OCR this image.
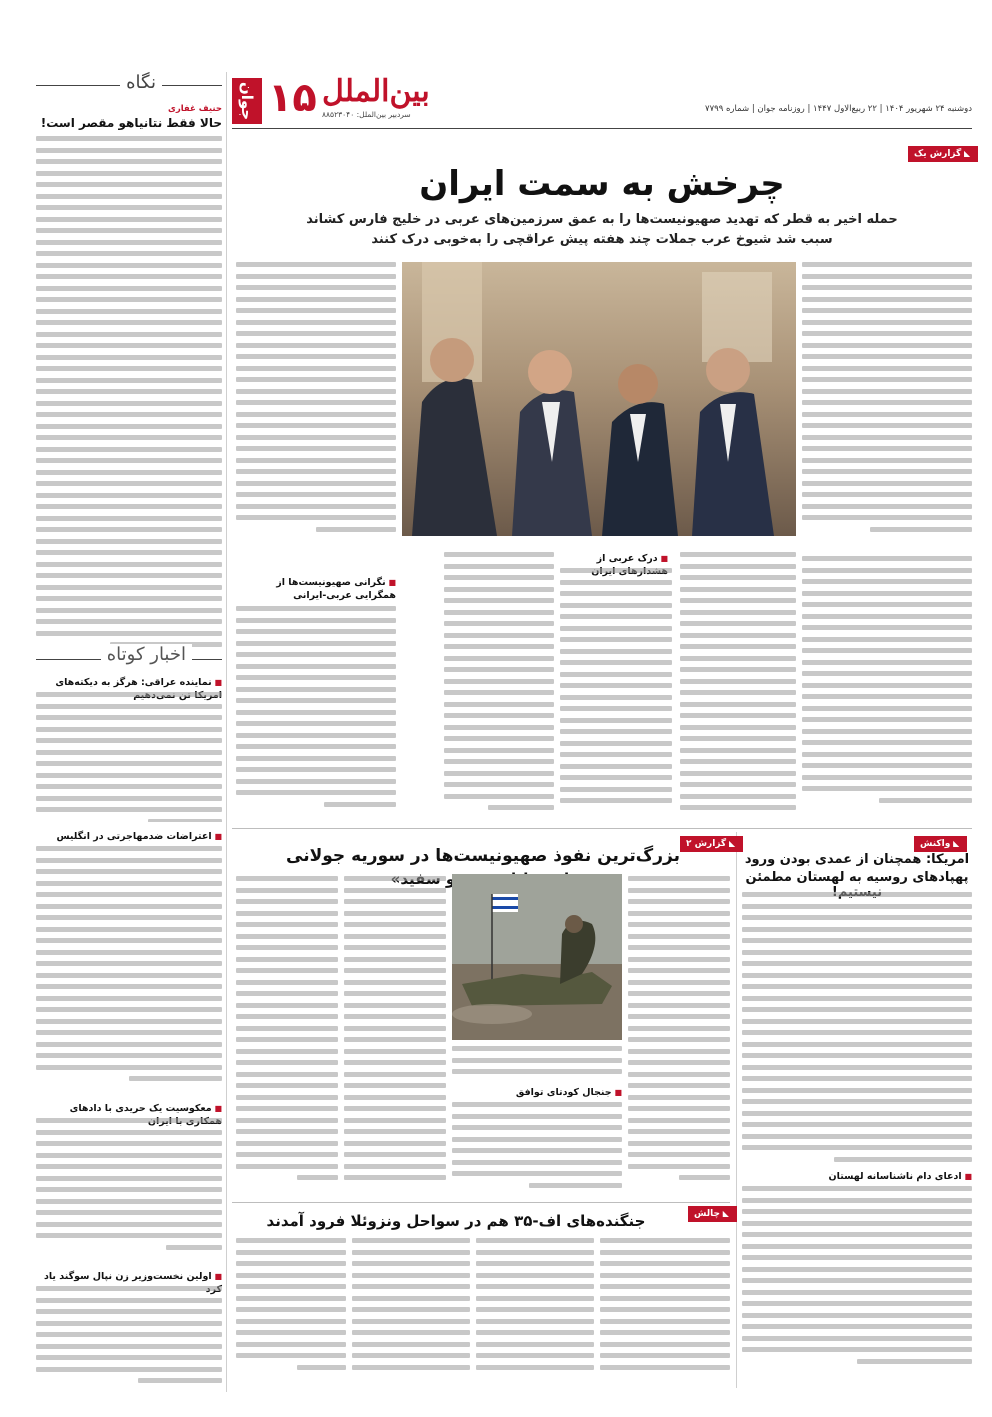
دوشنبه ۲۴ شهریور ۱۴۰۴ | ۲۲ ربیع‌الاول ۱۴۴۷ | روزنامه جوان | شماره ۷۷۹۹
بین‌الملل
سردبیر بین‌الملل: ۸۸۵۲۳۰۴۰
۱۵
جوان
نگاه
حنیف غفاری
حالا فقط نتانیاهو مقصر است!
اخبار کوتاه
■ نماینده عراقی: هرگز به دیکته‌های
■ اعتراضات ضدمهاجرتی در انگلیس
■ معکوسیت یک حریدی با دادهای
■ اولین نخست‌وزیر زن نپال سوگند یاد
◣ گزارش یک
چرخش به سمت ایران
حمله اخیر به قطر که تهدید صهیونیست‌ها را به عمق سرزمین‌های عربی در خلیج فارس کشاند
سبب شد شیوخ عرب جملات چند هفته پیش عراقچی را به‌خوبی درک کنند
■ درک عربی از
■ نگرانی صهیونیست‌ها از همگرایی عربی-ایرانی
◣ واکنش
امریکا: همچنان از عمدی بودن ورود
پهپادهای روسیه به لهستان مطمئن
■ ادعای دام ناشناسانه لهستان
◣ گزارش ۲
بزرگ‌ترین نفوذ صهیونیست‌ها در سوریه جولانی
و
■ جنجال کودتای توافق
◣ چالش
جنگنده‌های اف-۳۵ هم در سواحل ونزوئلا فرود آمدند
